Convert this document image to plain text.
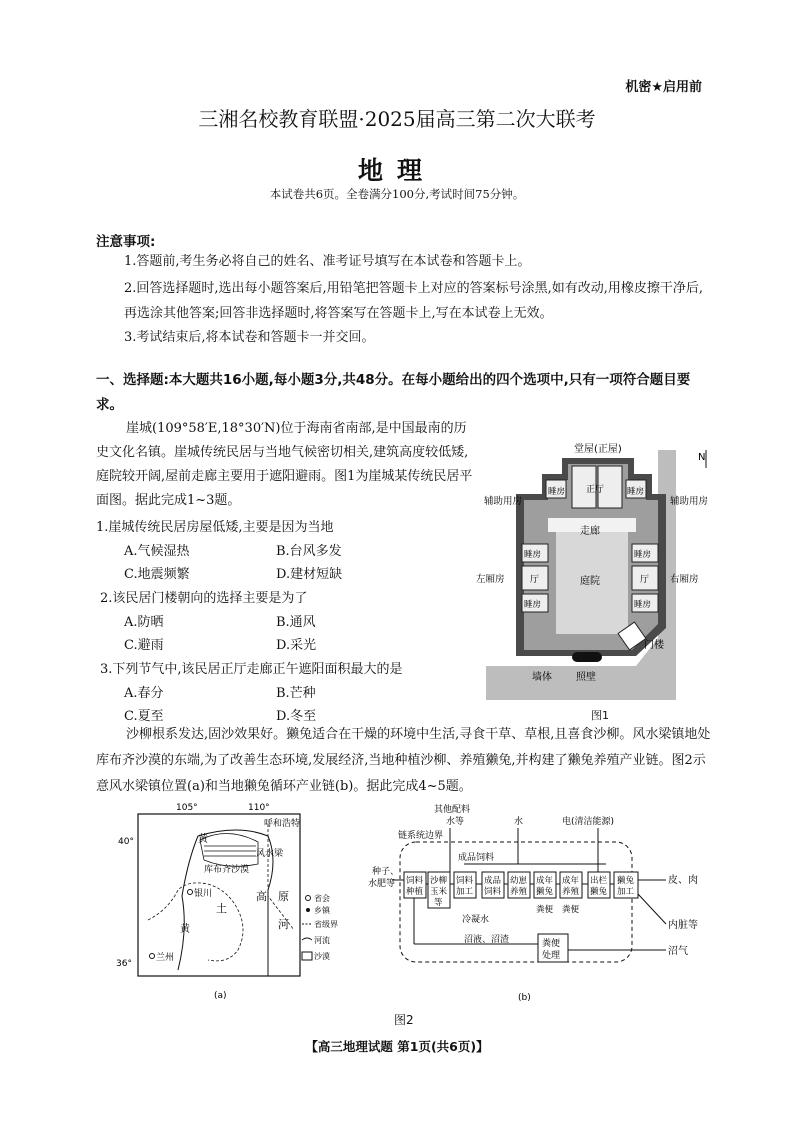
机密★启用前
三湘名校教育联盟·2025届高三第二次大联考
地理
本试卷共6页。全卷满分100分,考试时间75分钟。
注意事项:
1.答题前,考生务必将自己的姓名、准考证号填写在本试卷和答题卡上。
2.回答选择题时,选出每小题答案后,用铅笔把答题卡上对应的答案标号涂黑,如有改动,用橡皮擦干净后,再选涂其他答案;回答非选择题时,将答案写在答题卡上,写在本试卷上无效。
3.考试结束后,将本试卷和答题卡一并交回。
一、选择题:本大题共16小题,每小题3分,共48分。在每小题给出的四个选项中,只有一项符合题目要求。
崖城(109°58′E,18°30′N)位于海南省南部,是中国最南的历史文化名镇。崖城传统民居与当地气候密切相关,建筑高度较低矮,庭院较开阔,屋前走廊主要用于遮阳避雨。图1为崖城某传统民居平面图。据此完成1~3题。
1.崖城传统民居房屋低矮,主要是因为当地
A.气候湿热	B.台风多发
C.地震频繁	D.建材短缺
2.该民居门楼朝向的选择主要是为了
A.防晒	B.通风
C.避雨	D.采光
3.下列节气中,该民居正厅走廊正午遮阳面积最大的是
A.春分	B.芒种
C.夏至	D.冬至
堂屋(正屋)
N
正厅
睡房	睡房
走廊
庭院
睡房
厅
睡房
睡房
厅
睡房
辅助用房	辅助用房
左厢房	右厢房
门楼
墙体 照壁
图1
沙柳根系发达,固沙效果好。獭兔适合在干燥的环境中生活,寻食干草、草根,且喜食沙柳。风水梁镇地处库布齐沙漠的东端,为了改善生态环境,发展经济,当地种植沙柳、养殖獭兔,并构建了獭兔养殖产业链。图2示意风水梁镇位置(a)和当地獭兔循环产业链(b)。据此完成4~5题。
105°	110°
40°
36°
黄
呼和浩特
风水梁
库布齐沙漠
银川
土
高 原
黄	河
兰州
省会
乡镇
省级界
河流
沙漠
(a)
其他配料
水等	水	电(清洁能源)
链系统边界
成品饲料
种子、
水肥等 饲料
种植
沙柳
玉米
等
饲料
加工
成品
饲料
幼崽
养殖
成年
獭兔
成年
养殖
出栏
獭兔
獭兔
加工
粪便 粪便
冷凝水
粪便
处理
沼液、沼渣
皮、肉
内脏等
沼气
(b)
图2
【高三地理试题 第1页(共6页)】
